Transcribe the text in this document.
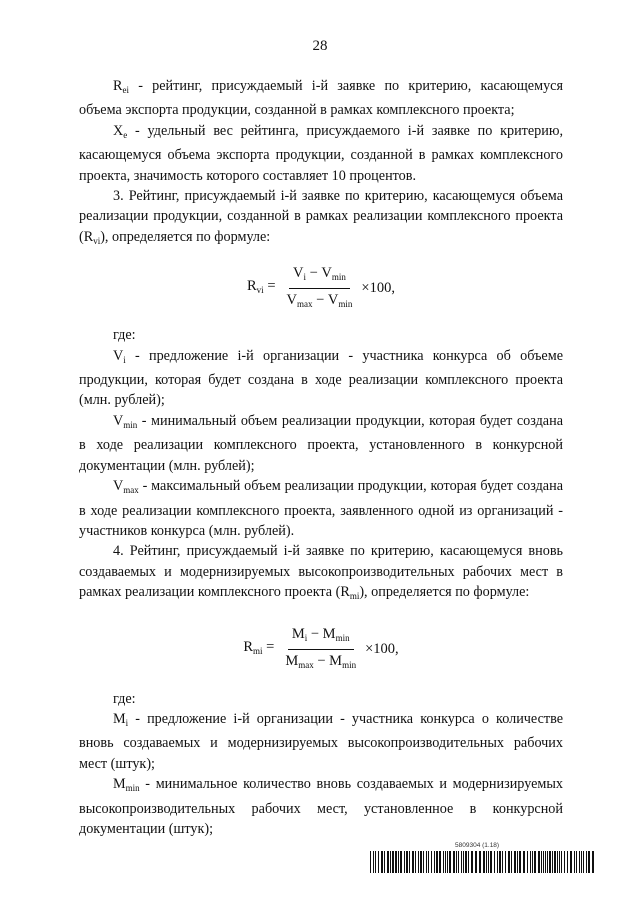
28

$R_{ei}$ - рейтинг, присуждаемый i-й заявке по критерию, касающемуся объема экспорта продукции, созданной в рамках комплексного проекта;

$X_e$ - удельный вес рейтинга, присуждаемого i-й заявке по критерию, касающемуся объема экспорта продукции, созданной в рамках комплексного проекта, значимость которого составляет 10 процентов.

3. Рейтинг, присуждаемый i-й заявке по критерию, касающемуся объема реализации продукции, созданной в рамках реализации комплексного проекта $(R_{vi})$, определяется по формуле:

$R_{vi} = \frac{V_i - V_{min}}{V_{max} - V_{min}} \times 100$,

где:

$V_i$ - предложение i-й организации - участника конкурса об объеме продукции, которая будет создана в ходе реализации комплексного проекта (млн. рублей);

$V_{min}$ - минимальный объем реализации продукции, которая будет создана в ходе реализации комплексного проекта, установленного в конкурсной документации (млн. рублей);

$V_{max}$ - максимальный объем реализации продукции, которая будет создана в ходе реализации комплексного проекта, заявленного одной из организаций - участников конкурса (млн. рублей).

4. Рейтинг, присуждаемый i-й заявке по критерию, касающемуся вновь создаваемых и модернизируемых высокопроизводительных рабочих мест в рамках реализации комплексного проекта $(R_{mi})$, определяется по формуле:

$R_{mi} = \frac{M_i - M_{min}}{M_{max} - M_{min}} \times 100$,

где:

$M_i$ - предложение i-й организации - участника конкурса о количестве вновь создаваемых и модернизируемых высокопроизводительных рабочих мест (штук);

$M_{min}$ - минимальное количество вновь создаваемых и модернизируемых высокопроизводительных рабочих мест, установленное в конкурсной документации (штук);

5809304 (1.18)
